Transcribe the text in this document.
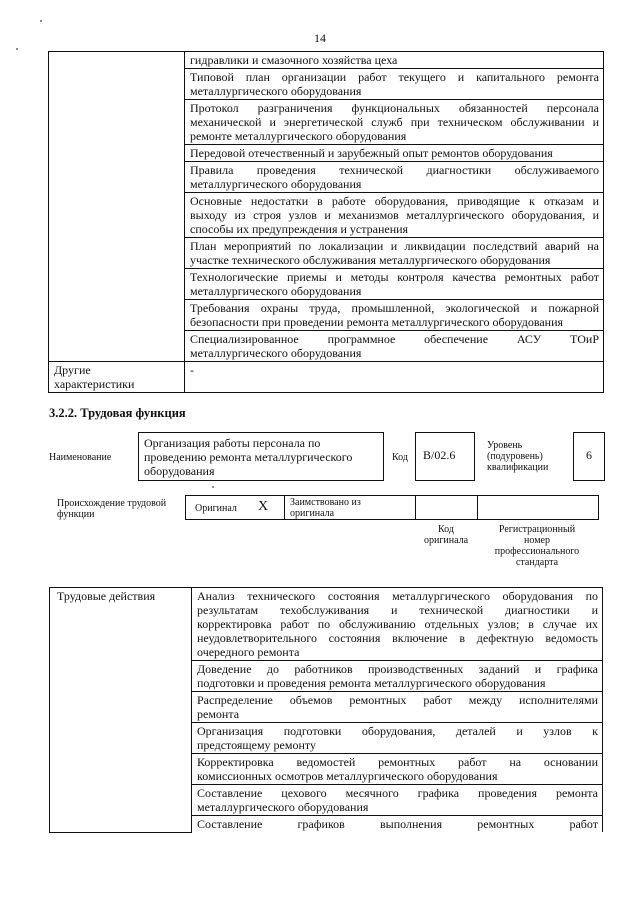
14
	гидравлики и смазочного хозяйства цеха

	Типовой план организации работ текущего и капитального ремонта
металлургического оборудования

	Протокол разграничения функциональных обязанностей персонала
механической и энергетической служб при техническом обслуживании и
ремонте металлургического оборудования

	Передовой отечественный и зарубежный опыт ремонтов оборудования

	Правила проведения технической диагностики обслуживаемого
металлургического оборудования

	Основные недостатки в работе оборудования, приводящие к отказам и
выходу из строя узлов и механизмов металлургического оборудования, и
способы их предупреждения и устранения

	План мероприятий по локализации и ликвидации последствий аварий на
участке технического обслуживания металлургического оборудования

	Технологические приемы и методы контроля качества ремонтных работ
металлургического оборудования

	Требования охраны труда, промышленной, экологической и пожарной
безопасности при проведении ремонта металлургического оборудования

	Специализированное программное обеспечение АСУ ТОиР
металлургического оборудования

Другие
характеристики	-
3.2.2. Трудовая функция
Наименование
Организация работы персонала по
проведению ремонта металлургического
оборудования
Код	B/02.6
Уровень
(подуровень)
квалификации
6
Происхождение трудовой
функции
Оригинал X Заимствовано из
оригинала
Код
оригинала
Регистрационный
номер
профессионального
стандарта
Трудовые действия	Анализ технического состояния металлургического оборудования по
результатам техобслуживания и технической диагностики и
корректировка работ по обслуживанию отдельных узлов; в случае их
неудовлетворительного состояния включение в дефектную ведомость
очередного ремонта

Доведение до работников производственных заданий и графика
подготовки и проведения ремонта металлургического оборудования

Распределение объемов ремонтных работ между исполнителями
ремонта

Организация подготовки оборудования, деталей и узлов к
предстоящему ремонту

Корректировка ведомостей ремонтных работ на основании
комиссионных осмотров металлургического оборудования

Составление цехового месячного графика проведения ремонта
металлургического оборудования

Составление графиков выполнения ремонтных работ
